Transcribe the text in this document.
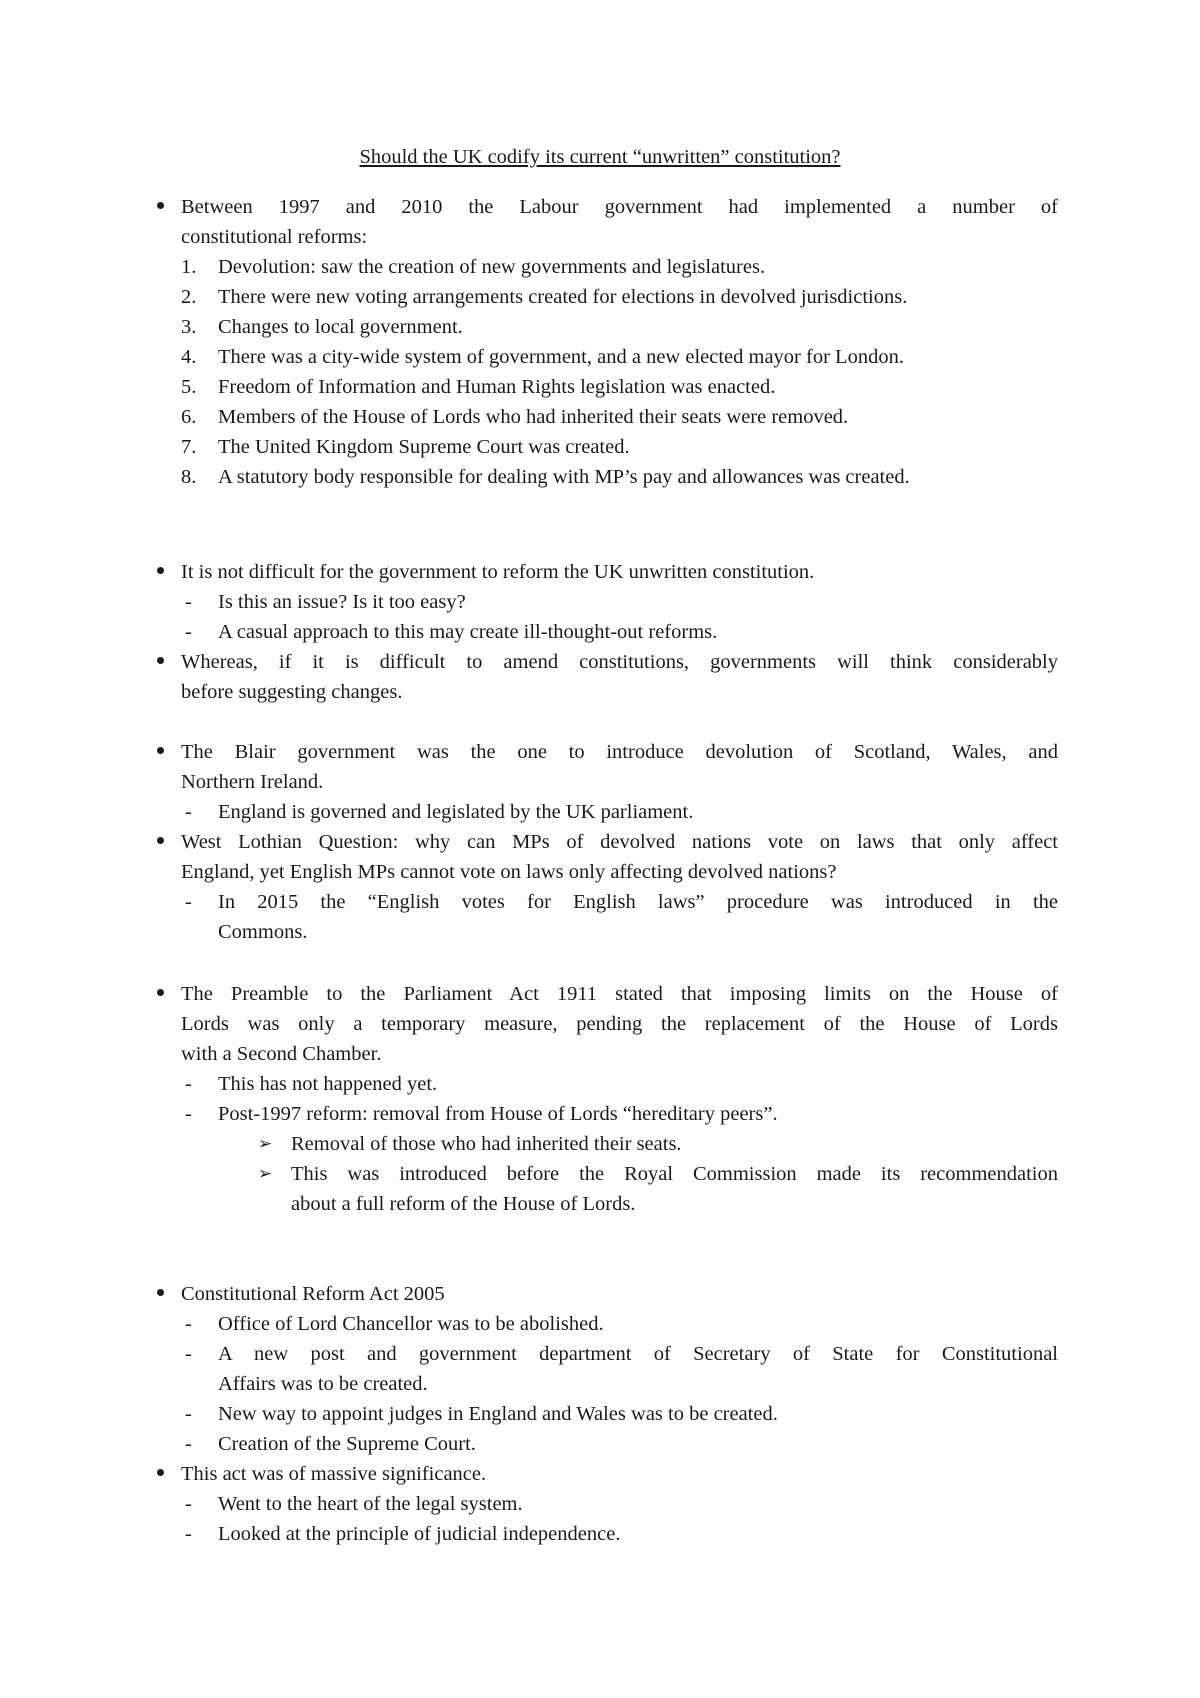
Should the UK codify its current “unwritten” constitution?
Between 1997 and 2010 the Labour government had implemented a number of
constitutional reforms:
1. Devolution: saw the creation of new governments and legislatures.
2. There were new voting arrangements created for elections in devolved jurisdictions.
3. Changes to local government.
4. There was a city-wide system of government, and a new elected mayor for London.
5. Freedom of Information and Human Rights legislation was enacted.
6. Members of the House of Lords who had inherited their seats were removed.
7. The United Kingdom Supreme Court was created.
8. A statutory body responsible for dealing with MP’s pay and allowances was created.
It is not difficult for the government to reform the UK unwritten constitution.
- Is this an issue? Is it too easy?
- A casual approach to this may create ill-thought-out reforms.
Whereas, if it is difficult to amend constitutions, governments will think considerably
before suggesting changes.
The Blair government was the one to introduce devolution of Scotland, Wales, and
Northern Ireland.
- England is governed and legislated by the UK parliament.
West Lothian Question: why can MPs of devolved nations vote on laws that only affect
England, yet English MPs cannot vote on laws only affecting devolved nations?
- In 2015 the “English votes for English laws” procedure was introduced in the
Commons.
The Preamble to the Parliament Act 1911 stated that imposing limits on the House of
Lords was only a temporary measure, pending the replacement of the House of Lords
with a Second Chamber.
- This has not happened yet.
- Post-1997 reform: removal from House of Lords “hereditary peers”.
➢ Removal of those who had inherited their seats.
➢ This was introduced before the Royal Commission made its recommendation
about a full reform of the House of Lords.
Constitutional Reform Act 2005
- Office of Lord Chancellor was to be abolished.
- A new post and government department of Secretary of State for Constitutional
Affairs was to be created.
- New way to appoint judges in England and Wales was to be created.
- Creation of the Supreme Court.
This act was of massive significance.
- Went to the heart of the legal system.
- Looked at the principle of judicial independence.
